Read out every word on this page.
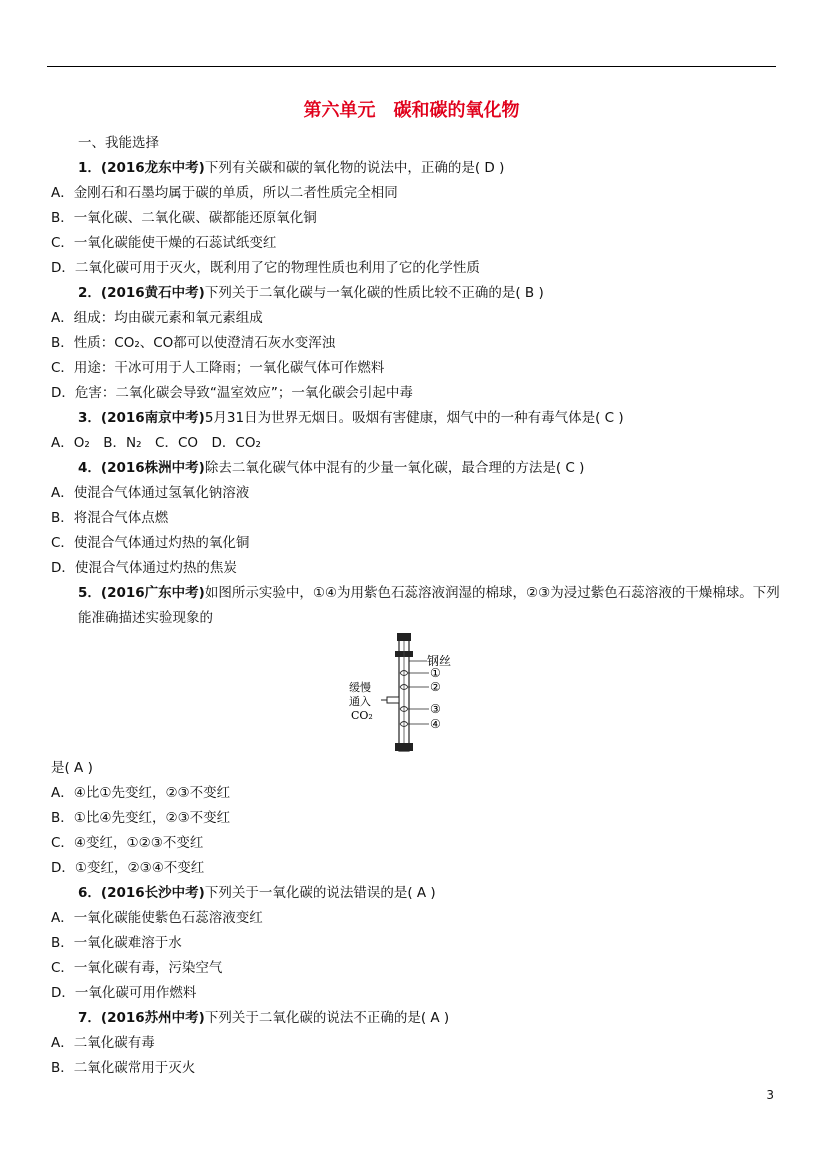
第六单元　碳和碳的氧化物
一、我能选择
1．(2016龙东中考)下列有关碳和碳的氧化物的说法中，正确的是( D )
A．金刚石和石墨均属于碳的单质，所以二者性质完全相同
B．一氧化碳、二氧化碳、碳都能还原氧化铜
C．一氧化碳能使干燥的石蕊试纸变红
D．二氧化碳可用于灭火，既利用了它的物理性质也利用了它的化学性质
2．(2016黄石中考)下列关于二氧化碳与一氧化碳的性质比较不正确的是( B )
A．组成：均由碳元素和氧元素组成
B．性质：CO₂、CO都可以使澄清石灰水变浑浊
C．用途：干冰可用于人工降雨；一氧化碳气体可作燃料
D．危害：二氧化碳会导致“温室效应”；一氧化碳会引起中毒
3．(2016南京中考)5月31日为世界无烟日。吸烟有害健康，烟气中的一种有毒气体是( C )
A．O₂　B．N₂　C．CO　D．CO₂
4．(2016株洲中考)除去二氧化碳气体中混有的少量一氧化碳，最合理的方法是( C )
A．使混合气体通过氢氧化钠溶液
B．将混合气体点燃
C．使混合气体通过灼热的氧化铜
D．使混合气体通过灼热的焦炭
5．(2016广东中考)如图所示实验中，①④为用紫色石蕊溶液润湿的棉球，②③为浸过紫色石蕊溶液的干燥棉球。下列能准确描述实验现象的
钢丝
①
②
③
④
缓慢
通入
CO₂
是( A )
A．④比①先变红，②③不变红
B．①比④先变红，②③不变红
C．④变红，①②③不变红
D．①变红，②③④不变红
6．(2016长沙中考)下列关于一氧化碳的说法错误的是( A )
A．一氧化碳能使紫色石蕊溶液变红
B．一氧化碳难溶于水
C．一氧化碳有毒，污染空气
D．一氧化碳可用作燃料
7．(2016苏州中考)下列关于二氧化碳的说法不正确的是( A )
A．二氧化碳有毒
B．二氧化碳常用于灭火
3
